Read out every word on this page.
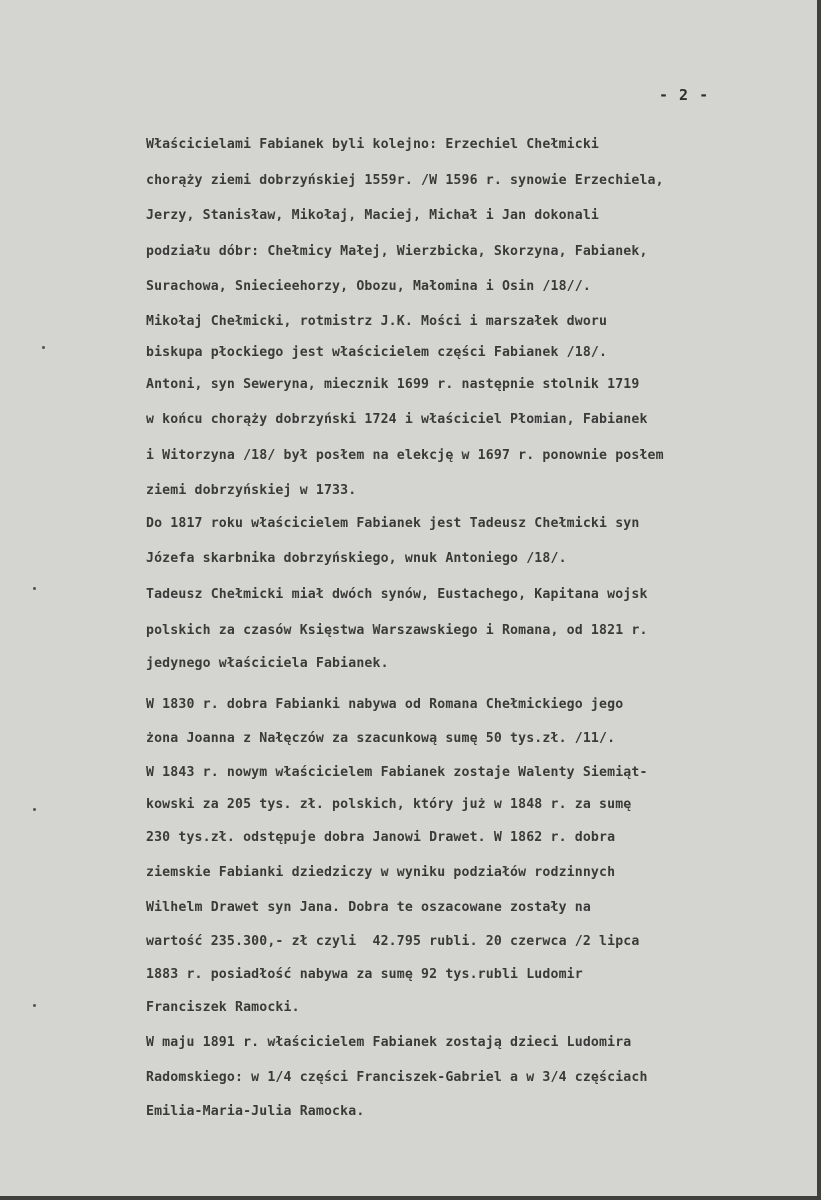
- 2 -
Właścicielami Fabianek byli kolejno: Erzechiel Chełmicki
chorąży ziemi dobrzyńskiej 1559r. /W 1596 r. synowie Erzechiela,
Jerzy, Stanisław, Mikołaj, Maciej, Michał i Jan dokonali
podziału dóbr: Chełmicy Małej, Wierzbicka, Skorzyna, Fabianek,
Surachowa, Sniecieehorzy, Obozu, Małomina i Osin /18//.
Mikołaj Chełmicki, rotmistrz J.K. Mości i marszałek dworu
biskupa płockiego jest właścicielem części Fabianek /18/.
Antoni, syn Seweryna, miecznik 1699 r. następnie stolnik 1719
w końcu chorąży dobrzyński 1724 i właściciel Płomian, Fabianek
i Witorzyna /18/ był posłem na elekcję w 1697 r. ponownie posłem
ziemi dobrzyńskiej w 1733.
Do 1817 roku właścicielem Fabianek jest Tadeusz Chełmicki syn
Józefa skarbnika dobrzyńskiego, wnuk Antoniego /18/.
Tadeusz Chełmicki miał dwóch synów, Eustachego, Kapitana wojsk
polskich za czasów Księstwa Warszawskiego i Romana, od 1821 r.
jedynego właściciela Fabianek.
W 1830 r. dobra Fabianki nabywa od Romana Chełmickiego jego
żona Joanna z Nałęczów za szacunkową sumę 50 tys.zł. /11/.
W 1843 r. nowym właścicielem Fabianek zostaje Walenty Siemiąt-
kowski za 205 tys. zł. polskich, który już w 1848 r. za sumę
230 tys.zł. odstępuje dobra Janowi Drawet. W 1862 r. dobra
ziemskie Fabianki dziedziczy w wyniku podziałów rodzinnych
Wilhelm Drawet syn Jana. Dobra te oszacowane zostały na
wartość 235.300,- zł czyli  42.795 rubli. 20 czerwca /2 lipca
1883 r. posiadłość nabywa za sumę 92 tys.rubli Ludomir
Franciszek Ramocki.
W maju 1891 r. właścicielem Fabianek zostają dzieci Ludomira
Radomskiego: w 1/4 części Franciszek-Gabriel a w 3/4 częściach
Emilia-Maria-Julia Ramocka.
